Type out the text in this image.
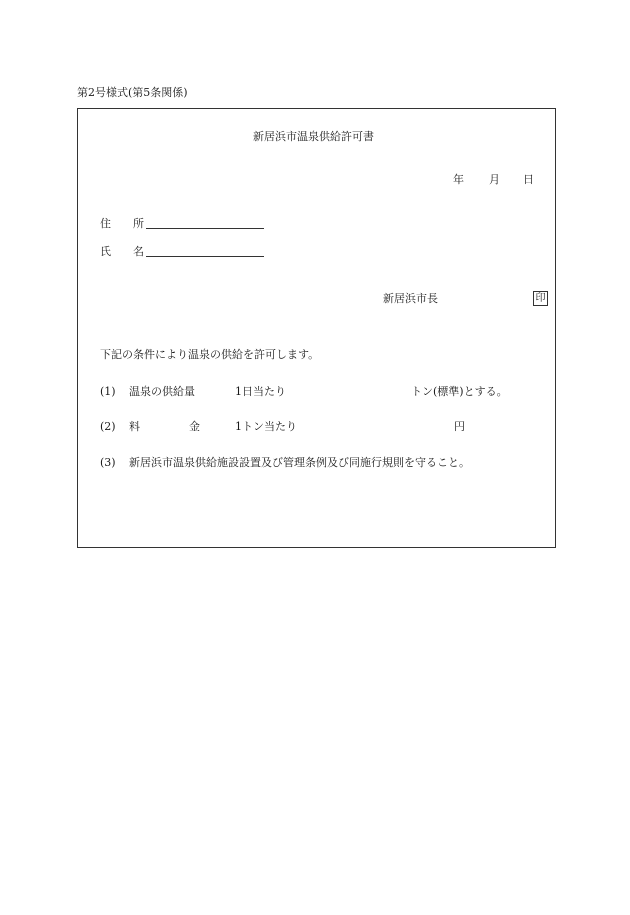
第2号様式(第5条関係)
新居浜市温泉供給許可書
年 月 日
住 所
氏 名
新居浜市長	印
下記の条件により温泉の供給を許可します。
(1) 温泉の供給量	1日当たり	トン(標準)とする。
(2) 料	金	1トン当たり	円
(3) 新居浜市温泉供給施設設置及び管理条例及び同施行規則を守ること。
